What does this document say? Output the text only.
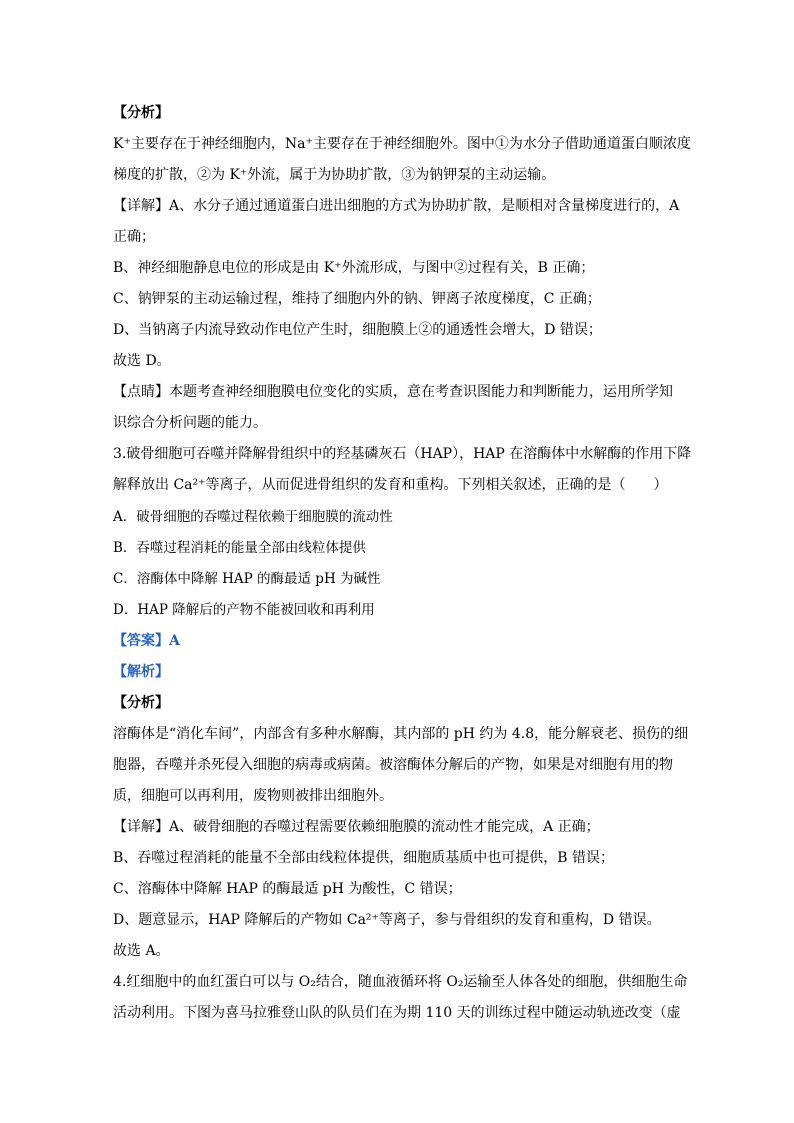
【分析】
K⁺主要存在于神经细胞内，Na⁺主要存在于神经细胞外。图中①为水分子借助通道蛋白顺浓度
梯度的扩散，②为 K⁺外流，属于为协助扩散，③为钠钾泵的主动运输。
【详解】A、水分子通过通道蛋白进出细胞的方式为协助扩散，是顺相对含量梯度进行的，A
正确；
B、神经细胞静息电位的形成是由 K⁺外流形成，与图中②过程有关，B 正确；
C、钠钾泵的主动运输过程，维持了细胞内外的钠、钾离子浓度梯度，C 正确；
D、当钠离子内流导致动作电位产生时，细胞膜上②的通透性会增大，D 错误；
故选 D。
【点睛】本题考查神经细胞膜电位变化的实质，意在考查识图能力和判断能力，运用所学知
识综合分析问题的能力。
3.破骨细胞可吞噬并降解骨组织中的羟基磷灰石（HAP），HAP 在溶酶体中水解酶的作用下降
解释放出 Ca²⁺等离子，从而促进骨组织的发育和重构。下列相关叙述，正确的是（　　）
A．破骨细胞的吞噬过程依赖于细胞膜的流动性
B．吞噬过程消耗的能量全部由线粒体提供
C．溶酶体中降解 HAP 的酶最适 pH 为碱性
D．HAP 降解后的产物不能被回收和再利用
【答案】A
【解析】
【分析】
溶酶体是“消化车间”，内部含有多种水解酶，其内部的 pH 约为 4.8，能分解衰老、损伤的细
胞器，吞噬并杀死侵入细胞的病毒或病菌。被溶酶体分解后的产物，如果是对细胞有用的物
质，细胞可以再利用，废物则被排出细胞外。
【详解】A、破骨细胞的吞噬过程需要依赖细胞膜的流动性才能完成，A 正确；
B、吞噬过程消耗的能量不全部由线粒体提供，细胞质基质中也可提供，B 错误；
C、溶酶体中降解 HAP 的酶最适 pH 为酸性，C 错误；
D、题意显示，HAP 降解后的产物如 Ca²⁺等离子，参与骨组织的发育和重构，D 错误。
故选 A。
4.红细胞中的血红蛋白可以与 O₂结合，随血液循环将 O₂运输至人体各处的细胞，供细胞生命
活动利用。下图为喜马拉雅登山队的队员们在为期 110 天的训练过程中随运动轨迹改变（虚
